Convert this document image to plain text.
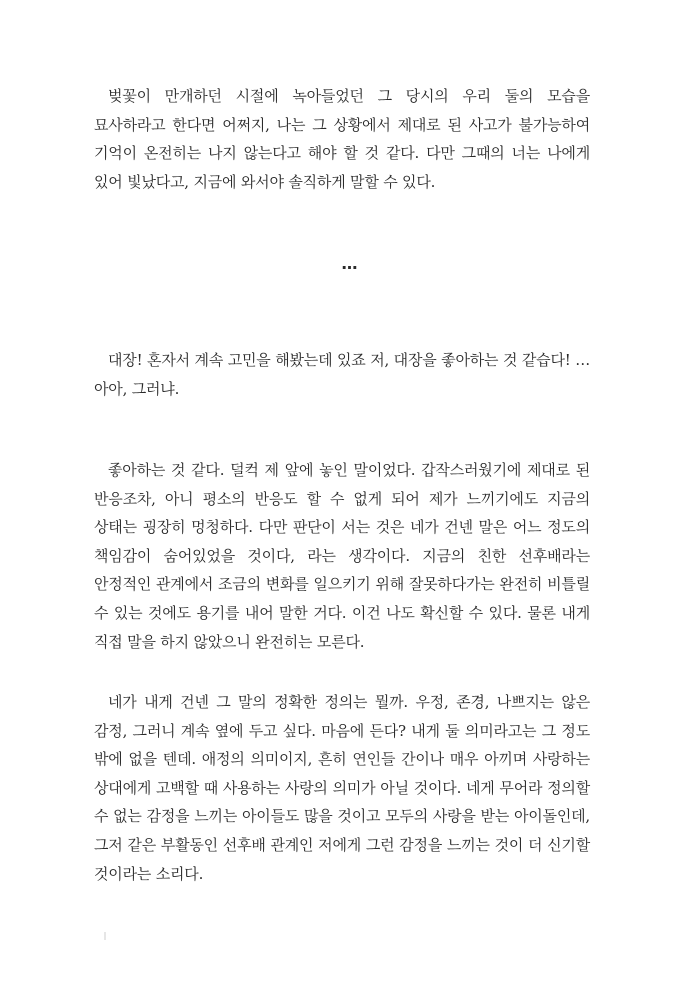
벚꽃이 만개하던 시절에 녹아들었던 그 당시의 우리 둘의 모습을 묘사하라고 한다면 어쩌지, 나는 그 상황에서 제대로 된 사고가 불가능하여 기억이 온전히는 나지 않는다고 해야 할 것 같다. 다만 그때의 너는 나에게 있어 빛났다고, 지금에 와서야 솔직하게 말할 수 있다.

…

대장! 혼자서 계속 고민을 해봤는데 있죠 저, 대장을 좋아하는 것 같습다! … 아아, 그러냐.

좋아하는 것 같다. 덜컥 제 앞에 놓인 말이었다. 갑작스러웠기에 제대로 된 반응조차, 아니 평소의 반응도 할 수 없게 되어 제가 느끼기에도 지금의 상태는 굉장히 멍청하다. 다만 판단이 서는 것은 네가 건넨 말은 어느 정도의 책임감이 숨어있었을 것이다, 라는 생각이다. 지금의 친한 선후배라는 안정적인 관계에서 조금의 변화를 일으키기 위해 잘못하다가는 완전히 비틀릴 수 있는 것에도 용기를 내어 말한 거다. 이건 나도 확신할 수 있다. 물론 내게 직접 말을 하지 않았으니 완전히는 모른다.

네가 내게 건넨 그 말의 정확한 정의는 뭘까. 우정, 존경, 나쁘지는 않은 감정, 그러니 계속 옆에 두고 싶다. 마음에 든다? 내게 둘 의미라고는 그 정도 밖에 없을 텐데. 애정의 의미이지, 흔히 연인들 간이나 매우 아끼며 사랑하는 상대에게 고백할 때 사용하는 사랑의 의미가 아닐 것이다. 네게 무어라 정의할 수 없는 감정을 느끼는 아이들도 많을 것이고 모두의 사랑을 받는 아이돌인데, 그저 같은 부활동인 선후배 관계인 저에게 그런 감정을 느끼는 것이 더 신기할 것이라는 소리다.
